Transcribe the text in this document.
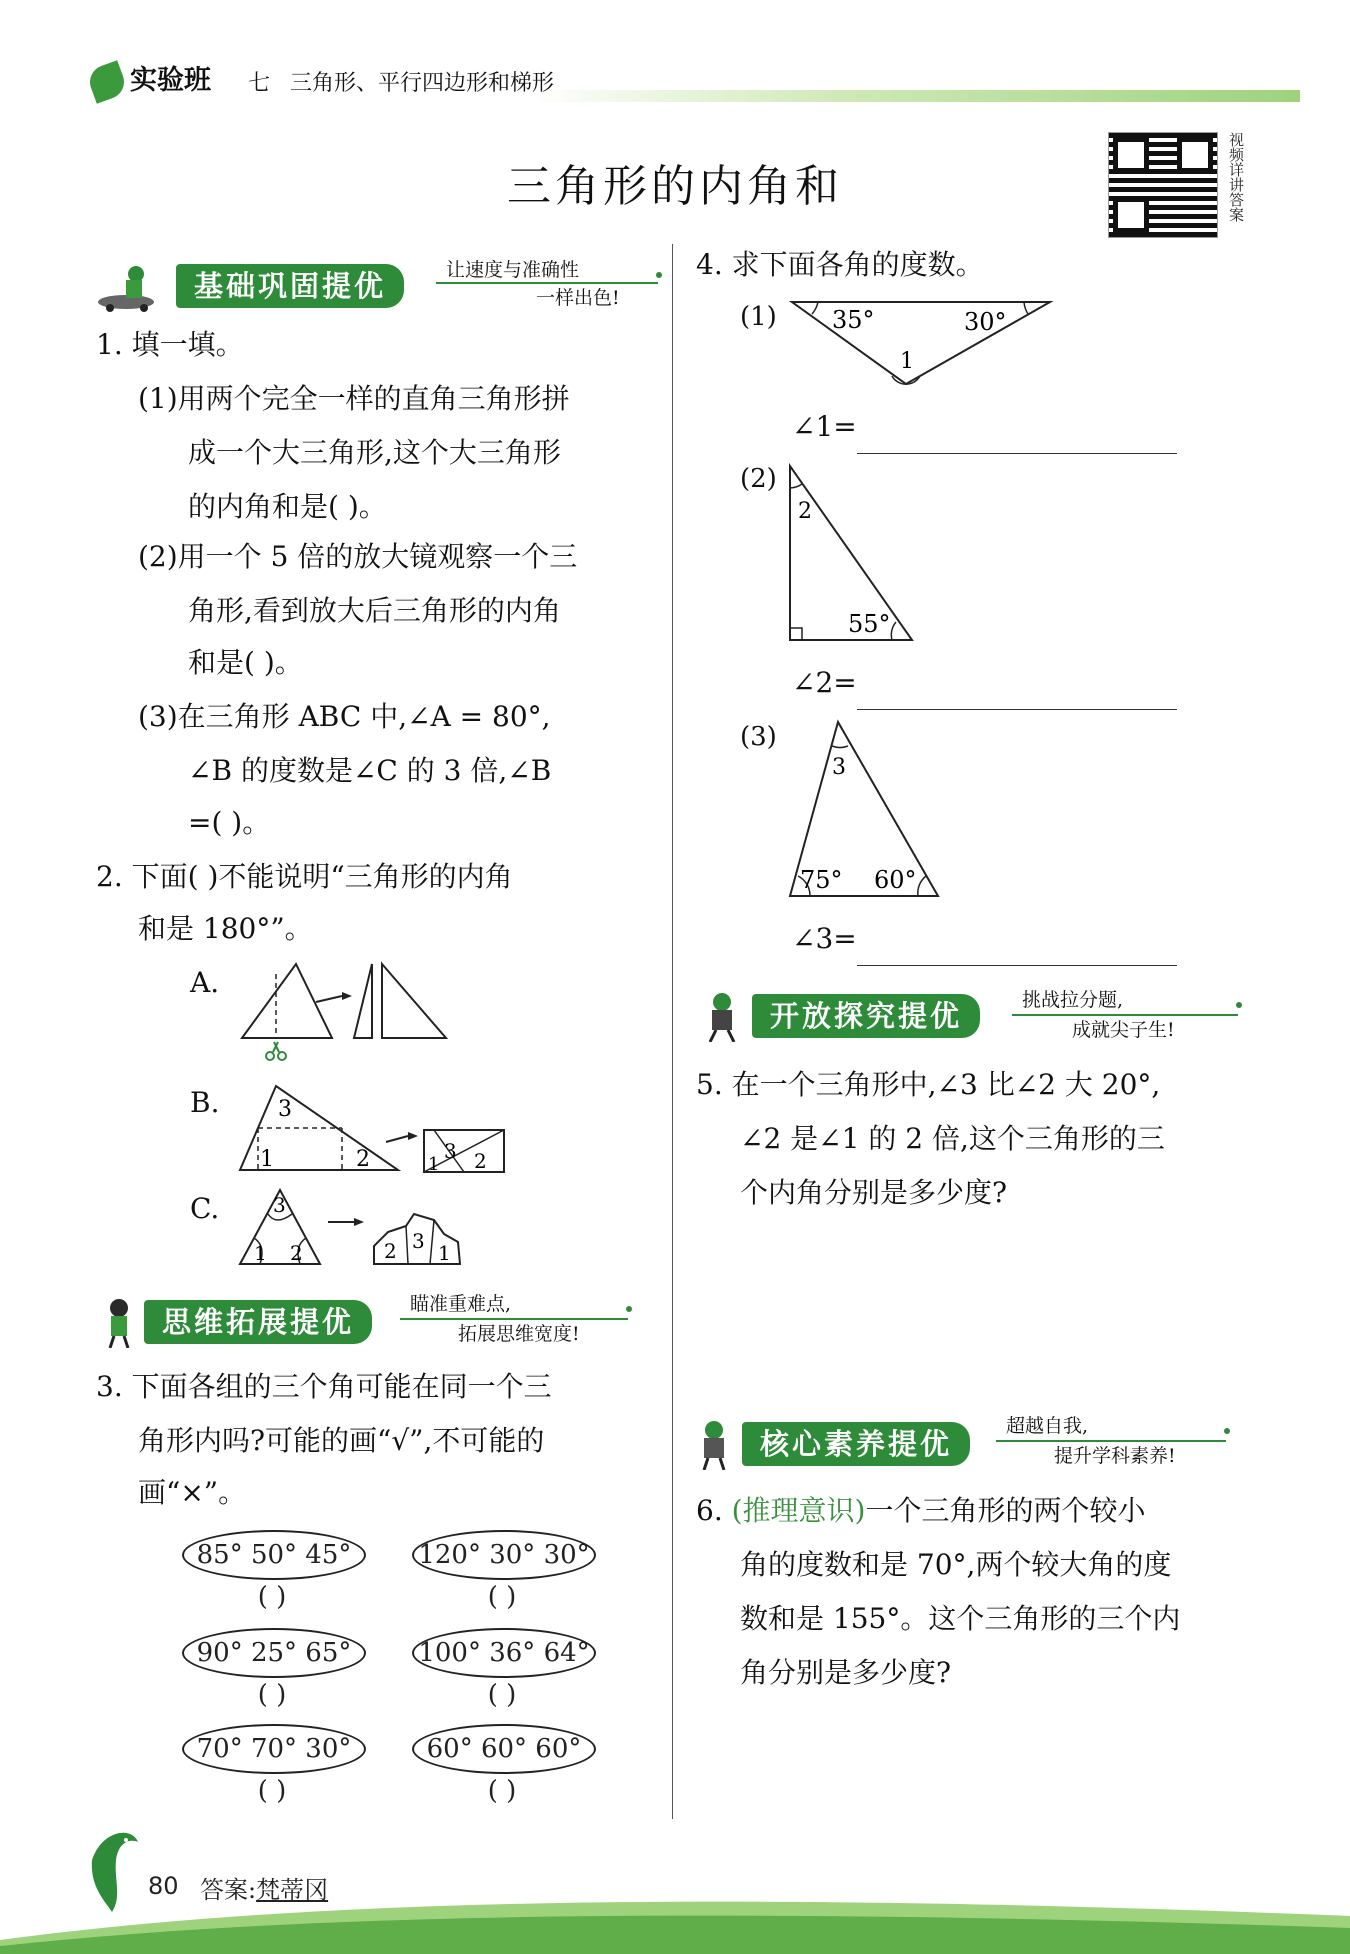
实验班 七 三角形、平行四边形和梯形
三角形的内角和	视频详讲答案
基础巩固提优	让速度与准确性
一样出色!
1. 填一填。
(1)用两个完全一样的直角三角形拼
成一个大三角形,这个大三角形
的内角和是( )。
(2)用一个 5 倍的放大镜观察一个三
角形,看到放大后三角形的内角
和是( )。
(3)在三角形 ABC 中,∠A = 80°,
∠B 的度数是∠C 的 3 倍,∠B
=( )。
2. 下面( )不能说明“三角形的内角
和是 180°”。
A.
B.	3
1	2	3
1 2
C.	3
1 2	2 3 1
思维拓展提优
瞄准重难点,
拓展思维宽度!
3. 下面各组的三个角可能在同一个三
角形内吗?可能的画“√”,不可能的
画“×”。
85° 50° 45°	120° 30° 30°
( )	( )
90° 25° 65°	100° 36° 64°
( )	( )
70° 70° 30°	60° 60° 60°
( )	( )
4. 求下面各角的度数。
(1) 35°	30°
1
∠1=
(2)
2
55°
∠2=
(3)
3
75° 60°
∠3=
开放探究提优	挑战拉分题,
成就尖子生!
5. 在一个三角形中,∠3 比∠2 大 20°,
∠2 是∠1 的 2 倍,这个三角形的三
个内角分别是多少度?
核心素养提优
超越自我,
提升学科素养!
6. (推理意识)一个三角形的两个较小
角的度数和是 70°,两个较大角的度
数和是 155°。这个三角形的三个内
角分别是多少度?
80 答案:梵蒂冈
